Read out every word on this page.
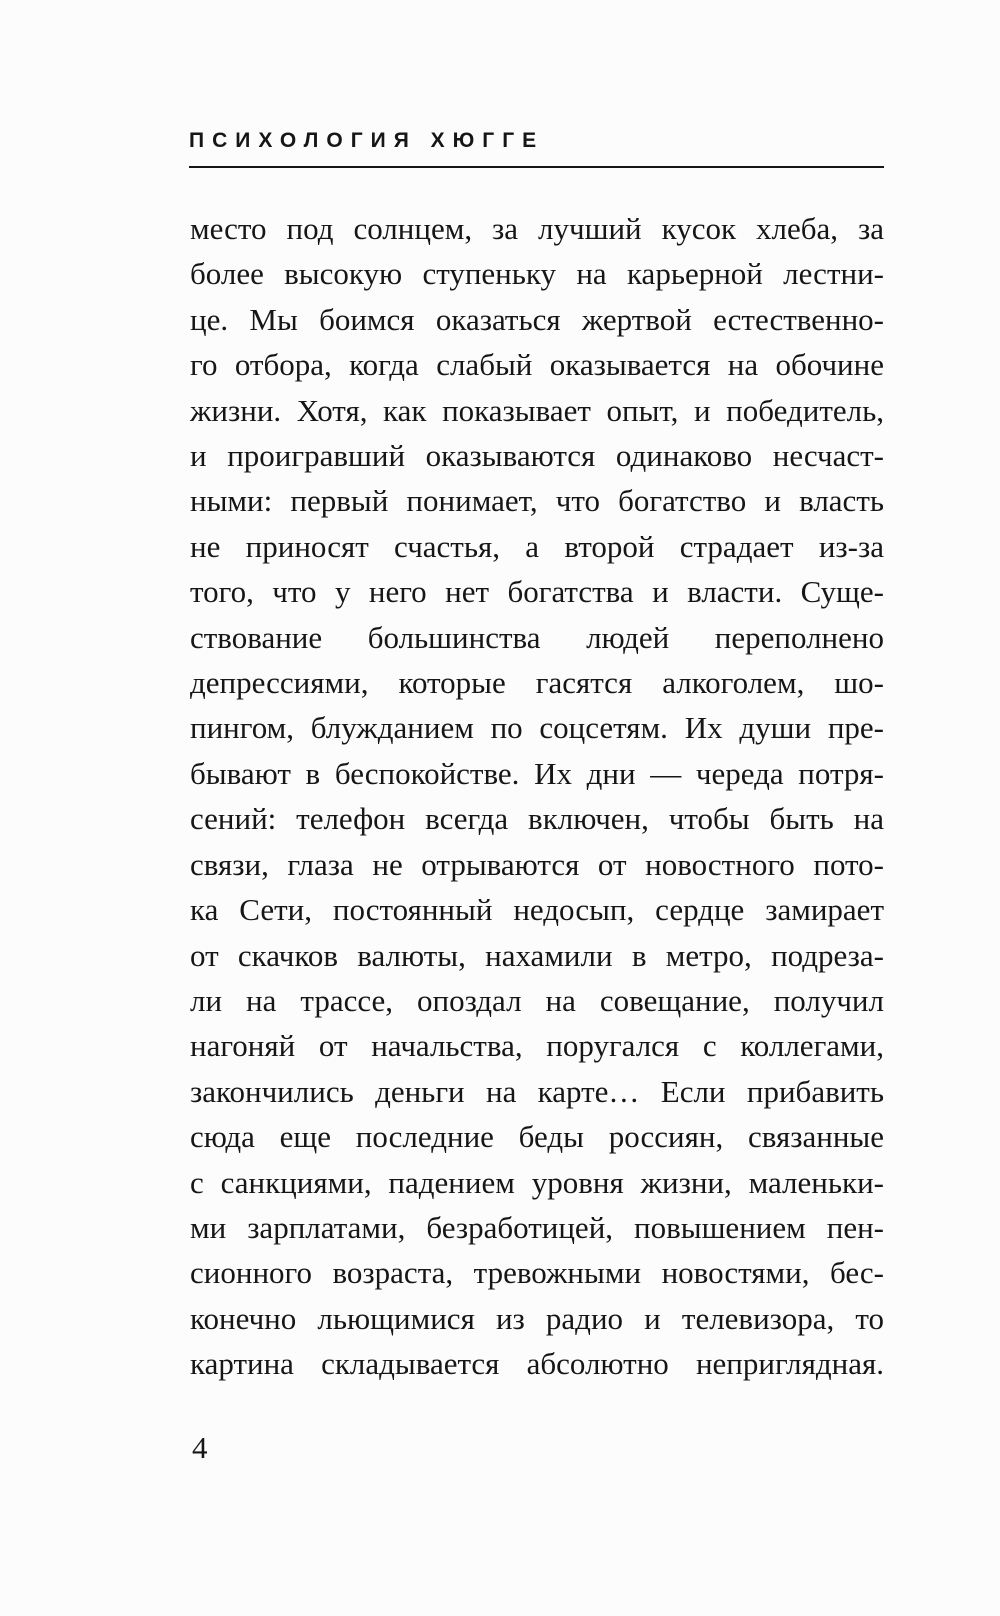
ПСИХОЛОГИЯ ХЮГГЕ
место под солнцем, за лучший кусок хлеба, за
более высокую ступеньку на карьерной лестни-
це. Мы боимся оказаться жертвой естественно-
го отбора, когда слабый оказывается на обочине
жизни. Хотя, как показывает опыт, и победитель,
и проигравший оказываются одинаково несчаст-
ными: первый понимает, что богатство и власть
не приносят счастья, а второй страдает из-за
того, что у него нет богатства и власти. Суще-
ствование большинства людей переполнено
депрессиями, которые гасятся алкоголем, шо-
пингом, блужданием по соцсетям. Их души пре-
бывают в беспокойстве. Их дни — череда потря-
сений: телефон всегда включен, чтобы быть на
связи, глаза не отрываются от новостного пото-
ка Сети, постоянный недосып, сердце замирает
от скачков валюты, нахамили в метро, подреза-
ли на трассе, опоздал на совещание, получил
нагоняй от начальства, поругался с коллегами,
закончились деньги на карте… Если прибавить
сюда еще последние беды россиян, связанные
с санкциями, падением уровня жизни, маленьки-
ми зарплатами, безработицей, повышением пен-
сионного возраста, тревожными новостями, бес-
конечно льющимися из радио и телевизора, то
картина складывается абсолютно неприглядная.
4
